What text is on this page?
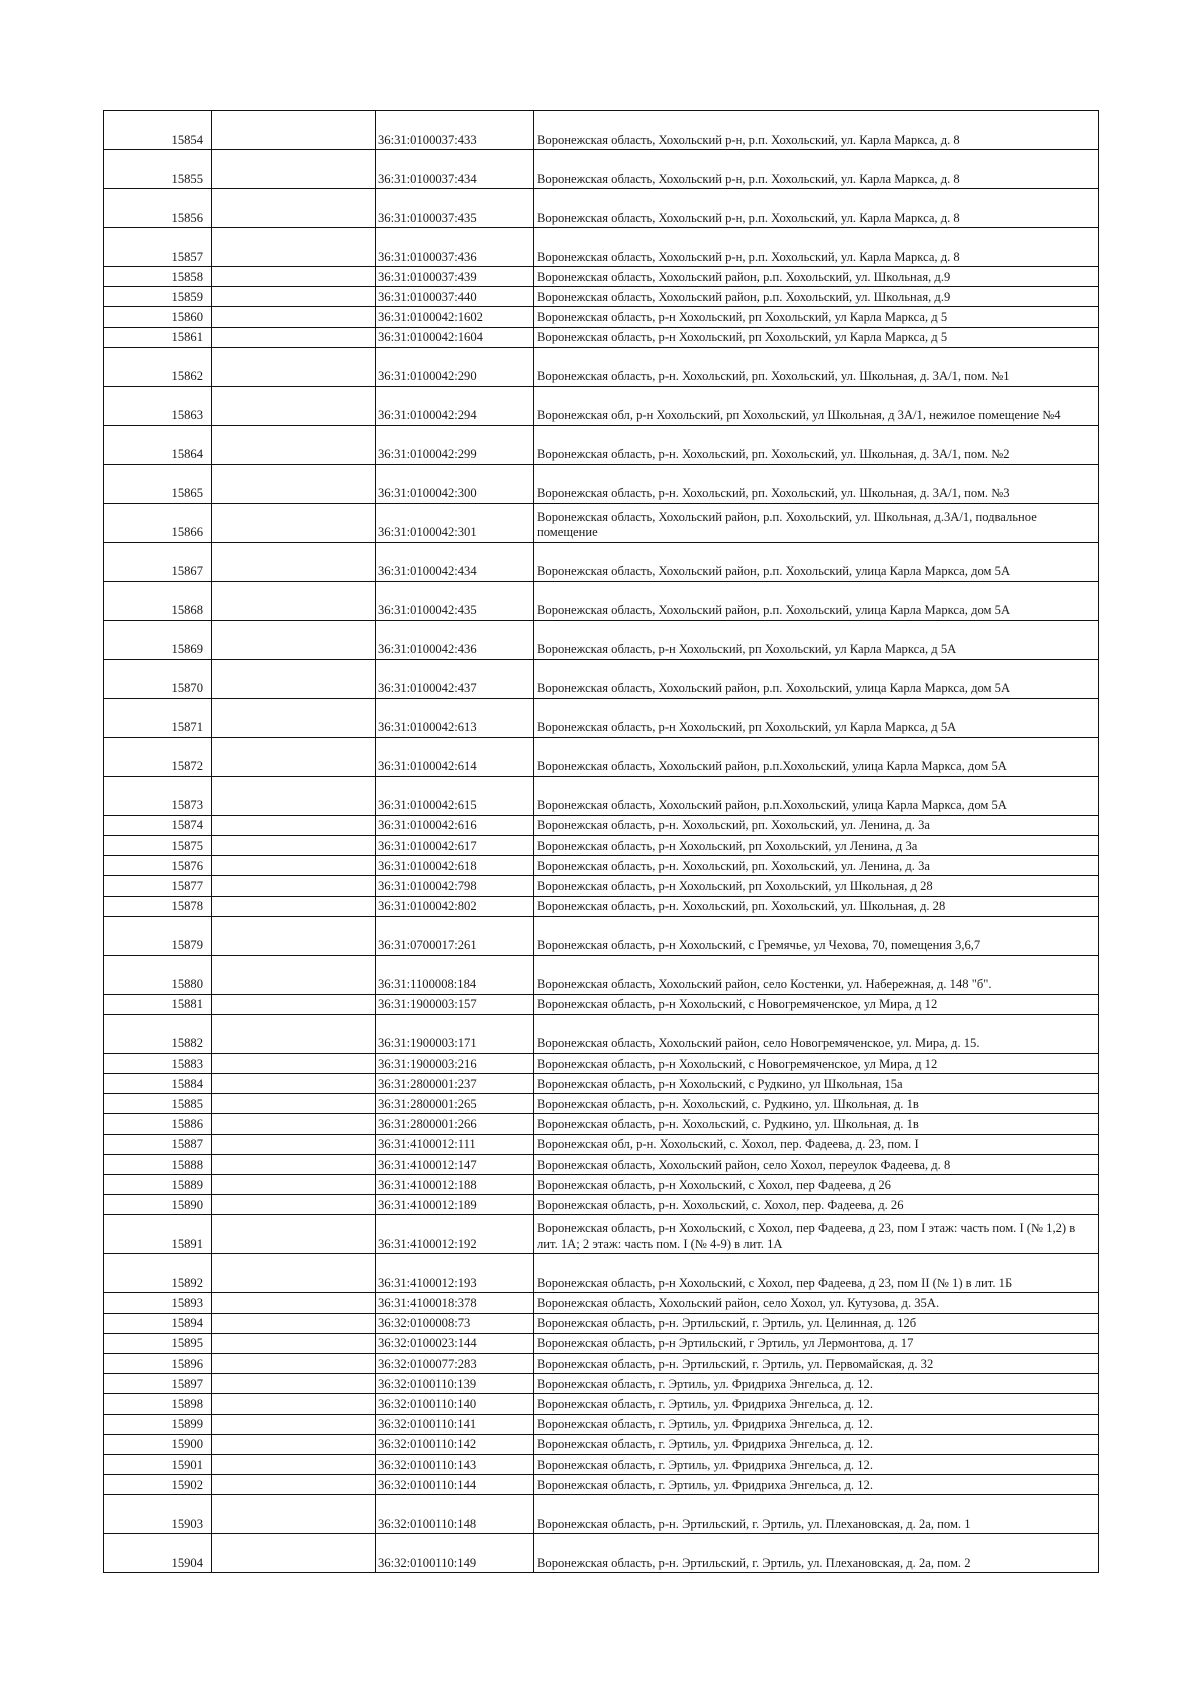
15854		36:31:0100037:433	Воронежская область, Хохольский р-н, р.п. Хохольский, ул. Карла Маркса, д. 8
15855		36:31:0100037:434	Воронежская область, Хохольский р-н, р.п. Хохольский, ул. Карла Маркса, д. 8
15856		36:31:0100037:435	Воронежская область, Хохольский р-н, р.п. Хохольский, ул. Карла Маркса, д. 8
15857		36:31:0100037:436	Воронежская область, Хохольский р-н, р.п. Хохольский, ул. Карла Маркса, д. 8
15858		36:31:0100037:439	Воронежская область, Хохольский район, р.п. Хохольский, ул. Школьная, д.9
15859		36:31:0100037:440	Воронежская область, Хохольский район, р.п. Хохольский, ул. Школьная, д.9
15860		36:31:0100042:1602	Воронежская область, р-н Хохольский, рп Хохольский, ул Карла Маркса, д 5
15861		36:31:0100042:1604	Воронежская область, р-н Хохольский, рп Хохольский, ул Карла Маркса, д 5
15862		36:31:0100042:290	Воронежская область, р-н. Хохольский, рп. Хохольский, ул. Школьная, д. 3А/1, пом. №1
15863		36:31:0100042:294	Воронежская обл, р-н Хохольский, рп Хохольский, ул Школьная, д 3А/1, нежилое помещение №4
15864		36:31:0100042:299	Воронежская область, р-н. Хохольский, рп. Хохольский, ул. Школьная, д. 3А/1, пом. №2
15865		36:31:0100042:300	Воронежская область, р-н. Хохольский, рп. Хохольский, ул. Школьная, д. 3А/1, пом. №3
15866		36:31:0100042:301	Воронежская область, Хохольский район, р.п. Хохольский, ул. Школьная, д.3А/1, подвальное помещение
15867		36:31:0100042:434	Воронежская область, Хохольский район, р.п. Хохольский, улица Карла Маркса, дом 5А
15868		36:31:0100042:435	Воронежская область, Хохольский район, р.п. Хохольский, улица Карла Маркса, дом 5А
15869		36:31:0100042:436	Воронежская область, р-н Хохольский, рп Хохольский, ул Карла Маркса, д 5А
15870		36:31:0100042:437	Воронежская область, Хохольский район, р.п. Хохольский, улица Карла Маркса, дом 5А
15871		36:31:0100042:613	Воронежская область, р-н Хохольский, рп Хохольский, ул Карла Маркса, д 5А
15872		36:31:0100042:614	Воронежская область, Хохольский район, р.п.Хохольский, улица Карла Маркса, дом 5А
15873		36:31:0100042:615	Воронежская область, Хохольский район, р.п.Хохольский, улица Карла Маркса, дом 5А
15874		36:31:0100042:616	Воронежская область, р-н. Хохольский, рп. Хохольский, ул. Ленина, д. 3а
15875		36:31:0100042:617	Воронежская область, р-н Хохольский, рп Хохольский, ул Ленина, д 3а
15876		36:31:0100042:618	Воронежская область, р-н. Хохольский, рп. Хохольский, ул. Ленина, д. 3а
15877		36:31:0100042:798	Воронежская область, р-н Хохольский, рп Хохольский, ул Школьная, д 28
15878		36:31:0100042:802	Воронежская область, р-н. Хохольский, рп. Хохольский, ул. Школьная, д. 28
15879		36:31:0700017:261	Воронежская область, р-н Хохольский, с Гремячье, ул Чехова, 70, помещения 3,6,7
15880		36:31:1100008:184	Воронежская область, Хохольский район, село Костенки, ул. Набережная, д. 148 "б".
15881		36:31:1900003:157	Воронежская область, р-н Хохольский, с Новогремяченское, ул Мира, д 12
15882		36:31:1900003:171	Воронежская область, Хохольский район, село Новогремяченское, ул. Мира, д. 15.
15883		36:31:1900003:216	Воронежская область, р-н Хохольский, с Новогремяченское, ул Мира, д 12
15884		36:31:2800001:237	Воронежская область, р-н Хохольский, с Рудкино, ул Школьная, 15а
15885		36:31:2800001:265	Воронежская область, р-н. Хохольский, с. Рудкино, ул. Школьная, д. 1в
15886		36:31:2800001:266	Воронежская область, р-н. Хохольский, с. Рудкино, ул. Школьная, д. 1в
15887		36:31:4100012:111	Воронежская обл, р-н. Хохольский, с. Хохол, пер. Фадеева, д. 23, пом. I
15888		36:31:4100012:147	Воронежская область, Хохольский район, село Хохол, переулок Фадеева, д. 8
15889		36:31:4100012:188	Воронежская область, р-н Хохольский, с Хохол, пер Фадеева, д 26
15890		36:31:4100012:189	Воронежская область, р-н. Хохольский, с. Хохол, пер. Фадеева, д. 26
15891		36:31:4100012:192	Воронежская область, р-н Хохольский, с Хохол, пер Фадеева, д 23, пом I этаж: часть пом. I (№ 1,2) в лит. 1А; 2 этаж: часть пом. I (№ 4-9) в лит. 1А
15892		36:31:4100012:193	Воронежская область, р-н Хохольский, с Хохол, пер Фадеева, д 23, пом II (№ 1) в лит. 1Б
15893		36:31:4100018:378	Воронежская область, Хохольский район, село Хохол, ул. Кутузова, д. 35А.
15894		36:32:0100008:73	Воронежская область, р-н. Эртильский, г. Эртиль, ул. Целинная, д. 12б
15895		36:32:0100023:144	Воронежская область, р-н Эртильский, г Эртиль, ул Лермонтова, д. 17
15896		36:32:0100077:283	Воронежская область, р-н. Эртильский, г. Эртиль, ул. Первомайская, д. 32
15897		36:32:0100110:139	Воронежская область, г. Эртиль, ул. Фридриха Энгельса, д. 12.
15898		36:32:0100110:140	Воронежская область, г. Эртиль, ул. Фридриха Энгельса, д. 12.
15899		36:32:0100110:141	Воронежская область, г. Эртиль, ул. Фридриха Энгельса, д. 12.
15900		36:32:0100110:142	Воронежская область, г. Эртиль, ул. Фридриха Энгельса, д. 12.
15901		36:32:0100110:143	Воронежская область, г. Эртиль, ул. Фридриха Энгельса, д. 12.
15902		36:32:0100110:144	Воронежская область, г. Эртиль, ул. Фридриха Энгельса, д. 12.
15903		36:32:0100110:148	Воронежская область, р-н. Эртильский, г. Эртиль, ул. Плехановская, д. 2а, пом. 1
15904		36:32:0100110:149	Воронежская область, р-н. Эртильский, г. Эртиль, ул. Плехановская, д. 2а, пом. 2
